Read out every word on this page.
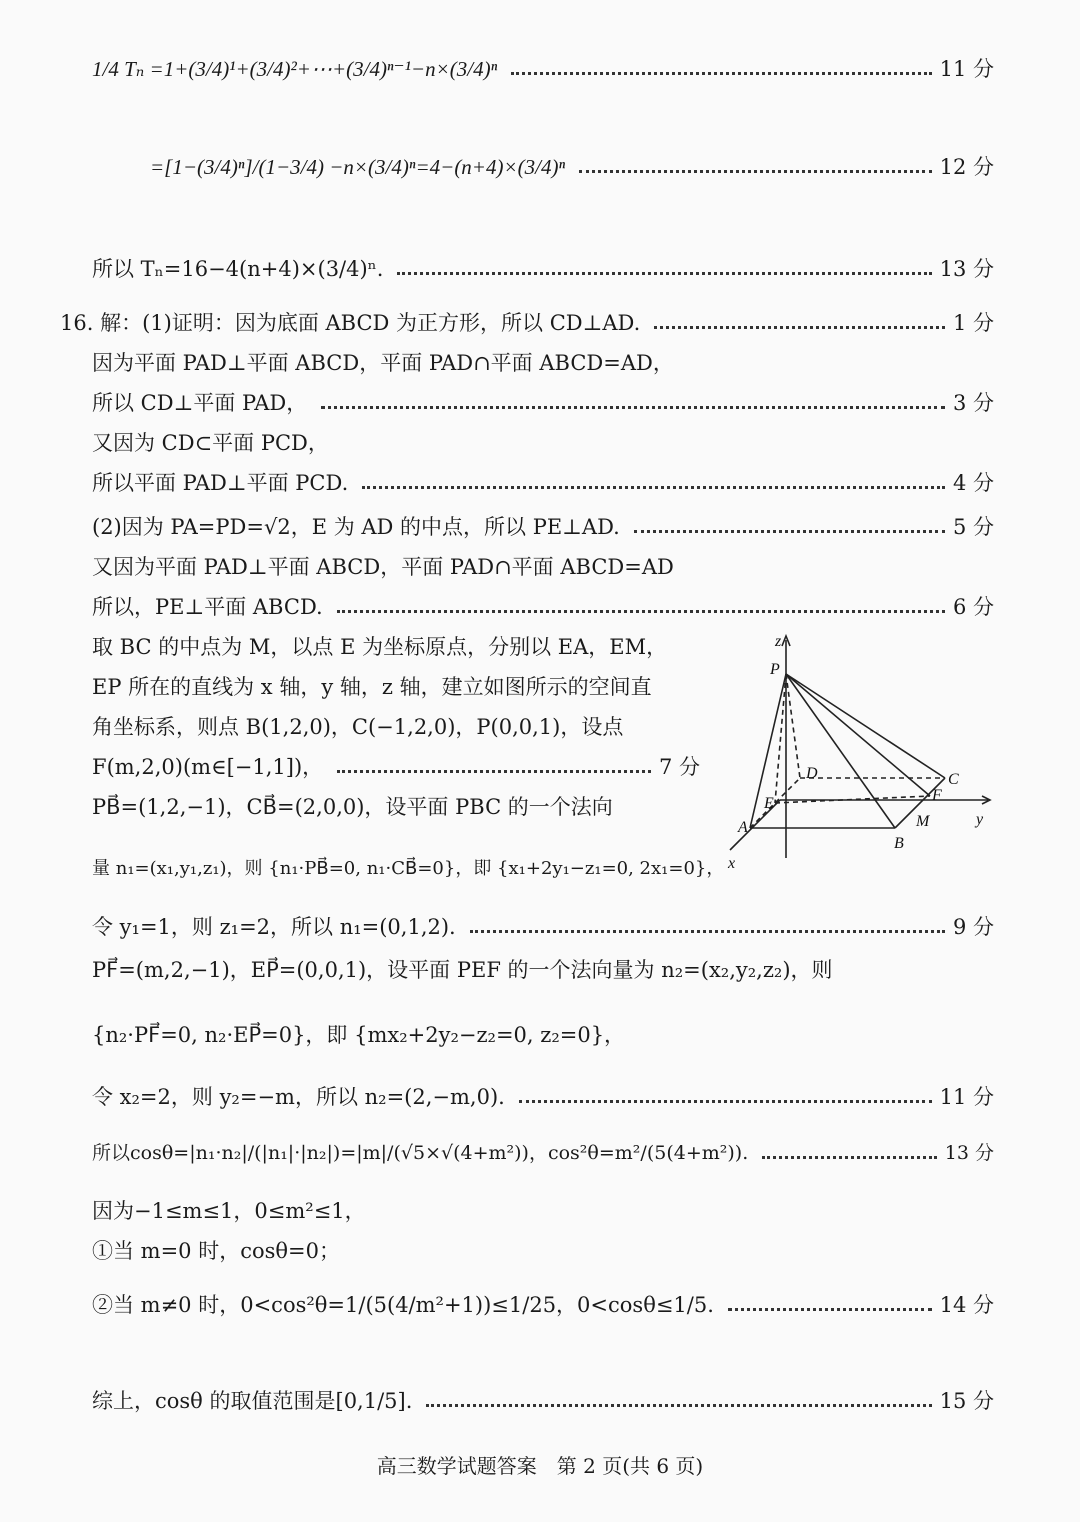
1/4 Tₙ =1+(3/4)¹+(3/4)²+⋯+(3/4)ⁿ⁻¹−n×(3/4)ⁿ	11 分
=[1−(3/4)ⁿ]/(1−3/4) −n×(3/4)ⁿ=4−(n+4)×(3/4)ⁿ	12 分
所以 Tₙ=16−4(n+4)×(3/4)ⁿ.	13 分
16. 解：(1)证明：因为底面 ABCD 为正方形，所以 CD⊥AD.	1 分
因为平面 PAD⊥平面 ABCD，平面 PAD∩平面 ABCD=AD，
所以 CD⊥平面 PAD，	3 分
又因为 CD⊂平面 PCD，
所以平面 PAD⊥平面 PCD.	4 分
(2)因为 PA=PD=√2，E 为 AD 的中点，所以 PE⊥AD.	5 分
又因为平面 PAD⊥平面 ABCD，平面 PAD∩平面 ABCD=AD
所以，PE⊥平面 ABCD.	6 分
取 BC 的中点为 M，以点 E 为坐标原点，分别以 EA，EM，
EP 所在的直线为 x 轴，y 轴，z 轴，建立如图所示的空间直
角坐标系，则点 B(1,2,0)，C(−1,2,0)，P(0,0,1)，设点
F(m,2,0)(m∈[−1,1])，	7 分
PB⃗=(1,2,−1)，CB⃗=(2,0,0)，设平面 PBC 的一个法向
量 n₁=(x₁,y₁,z₁)，则 {n₁·PB⃗=0, n₁·CB⃗=0}，即 {x₁+2y₁−z₁=0, 2x₁=0}，
令 y₁=1，则 z₁=2，所以 n₁=(0,1,2).	9 分
PF⃗=(m,2,−1)，EP⃗=(0,0,1)，设平面 PEF 的一个法向量为 n₂=(x₂,y₂,z₂)，则
{n₂·PF⃗=0, n₂·EP⃗=0}，即 {mx₂+2y₂−z₂=0, z₂=0}，
令 x₂=2，则 y₂=−m，所以 n₂=(2,−m,0).	11 分
所以cosθ=|n₁·n₂|/(|n₁|·|n₂|)=|m|/(√5×√(4+m²))，cos²θ=m²/(5(4+m²)).	13 分
因为−1≤m≤1，0≤m²≤1，
①当 m=0 时，cosθ=0；
②当 m≠0 时，0<cos²θ=1/(5(4/m²+1))≤1/25，0<cosθ≤1/5.	14 分
综上，cosθ 的取值范围是[0,1/5].	15 分
z
P
D	C
E	F
A	M
B
y
x
高三数学试题答案　第 2 页(共 6 页)
